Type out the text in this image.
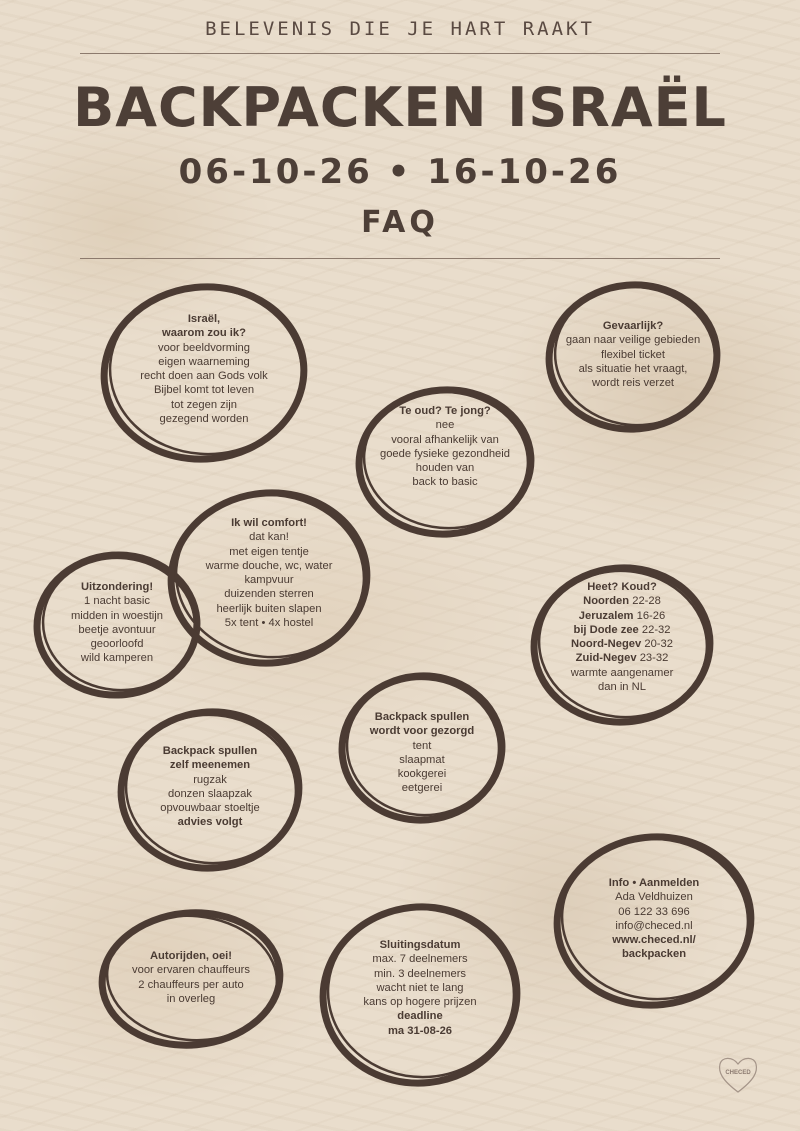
BELEVENIS DIE JE HART RAAKT
BACKPACKEN ISRAËL
06-10-26 • 16-10-26
FAQ
Israël,
waarom zou ik?
voor beeldvorming
eigen waarneming
recht doen aan Gods volk
Bijbel komt tot leven
tot zegen zijn
gezegend worden
Gevaarlijk?
gaan naar veilige gebieden
flexibel ticket
als situatie het vraagt,
wordt reis verzet
Te oud? Te jong?
nee
vooral afhankelijk van
goede fysieke gezondheid
houden van
back to basic
Uitzondering!
1 nacht basic
midden in woestijn
beetje avontuur
geoorloofd
wild kamperen
Ik wil comfort!
dat kan!
met eigen tentje
warme douche, wc, water
kampvuur
duizenden sterren
heerlijk buiten slapen
5x tent • 4x hostel
Heet? Koud?
Noorden 22-28
Jeruzalem 16-26
bij Dode zee 22-32
Noord-Negev 20-32
Zuid-Negev 23-32
warmte aangenamer
dan in NL
Backpack spullen
wordt voor gezorgd
tent
slaapmat
kookgerei
eetgerei
Backpack spullen
zelf meenemen
rugzak
donzen slaapzak
opvouwbaar stoeltje
advies volgt
Info • Aanmelden
Ada Veldhuizen
06 122 33 696
info@checed.nl
www.checed.nl/
backpacken
Autorijden, oei!
voor ervaren chauffeurs
2 chauffeurs per auto
in overleg
Sluitingsdatum
max. 7 deelnemers
min. 3 deelnemers
wacht niet te lang
kans op hogere prijzen
deadline
ma 31-08-26
CHECED
